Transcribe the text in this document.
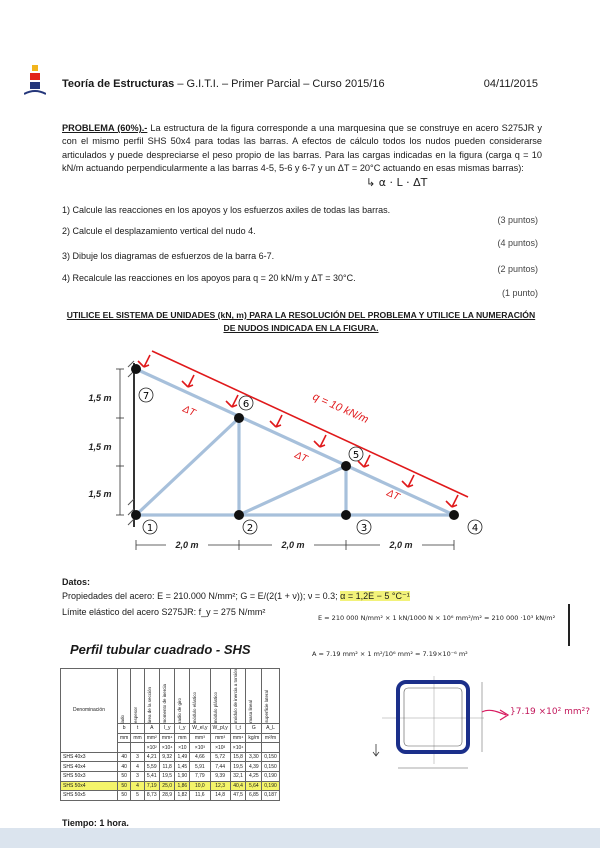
Teoría de Estructuras – G.I.T.I. – Primer Parcial – Curso 2015/16	04/11/2015
PROBLEMA (60%).- La estructura de la figura corresponde a una marquesina que se construye en acero S275JR y con el mismo perfil SHS 50x4 para todas las barras. A efectos de cálculo todos los nudos pueden considerarse articulados y puede despreciarse el peso propio de las barras. Para las cargas indicadas en la figura (carga q = 10 kN/m actuando perpendicularmente a las barras 4-5, 5-6 y 6-7 y un ΔT = 20°C actuando en esas mismas barras):
↳ α · L · ΔT
1) Calcule las reacciones en los apoyos y los esfuerzos axiles de todas las barras.
(3 puntos)
2) Calcule el desplazamiento vertical del nudo 4.
(4 puntos)
3) Dibuje los diagramas de esfuerzos de la barra 6-7.
(2 puntos)
4) Recalcule las reacciones en los apoyos para q = 20 kN/m y ΔT = 30°C.
(1 punto)
UTILICE EL SISTEMA DE UNIDADES (kN, m) PARA LA RESOLUCIÓN DEL PROBLEMA Y UTILICE LA NUMERACIÓN DE NUDOS INDICADA EN LA FIGURA.
1	2	3	4
5
6
7	q = 10 kN/m
ΔT
ΔT
ΔT
1,5 m
1,5 m
1,5 m
2,0 m	2,0 m	2,0 m
Datos:
Propiedades del acero: E = 210.000 N/mm²; G = E/(2(1 + ν)); ν = 0.3; α = 1,2E − 5 °C⁻¹
Límite elástico del acero S275JR: f_y = 275 N/mm²
E = 210 000 N/mm² × 1 kN/1000 N × 10⁶ mm²/m² = 210 000 ·10³ kN/m²
A = 7.19 mm² × 1 m²/10⁶ mm² = 7.19×10⁻⁶ m²
Perfil tubular cuadrado - SHS
Denominación	lado	espesor	área de la sección	momento de inercia	radio de giro	módulo elástico	módulo plástico	módulo de inercia a torsión	masa lineal	superficie lateral

	b	t	A	I_y	i_y	W_el,y	W_pl,y	I_t	G	A_L
	mm	mm	mm²	mm⁴	mm	mm³	mm³	mm⁴	kg/m	m²/m
			×10²	×10⁴	×10	×10³	×10³	×10⁴		
SHS 40x3	40	3	4,21	9,32	1,49	4,66	5,72	15,8	3,30	0,150
SHS 40x4	40	4	5,59	11,8	1,45	5,91	7,44	19,5	4,39	0,150
SHS 50x3	50	3	5,41	19,5	1,90	7,79	9,39	32,1	4,25	0,190
SHS 50x4	50	4	7,19	25,0	1,86	10,0	12,3	40,4	5,64	0,190
SHS 50x5	50	5	8,73	28,9	1,82	11,6	14,8	47,5	6,85	0,187
}7.19 ×10² mm²?
Tiempo: 1 hora.
